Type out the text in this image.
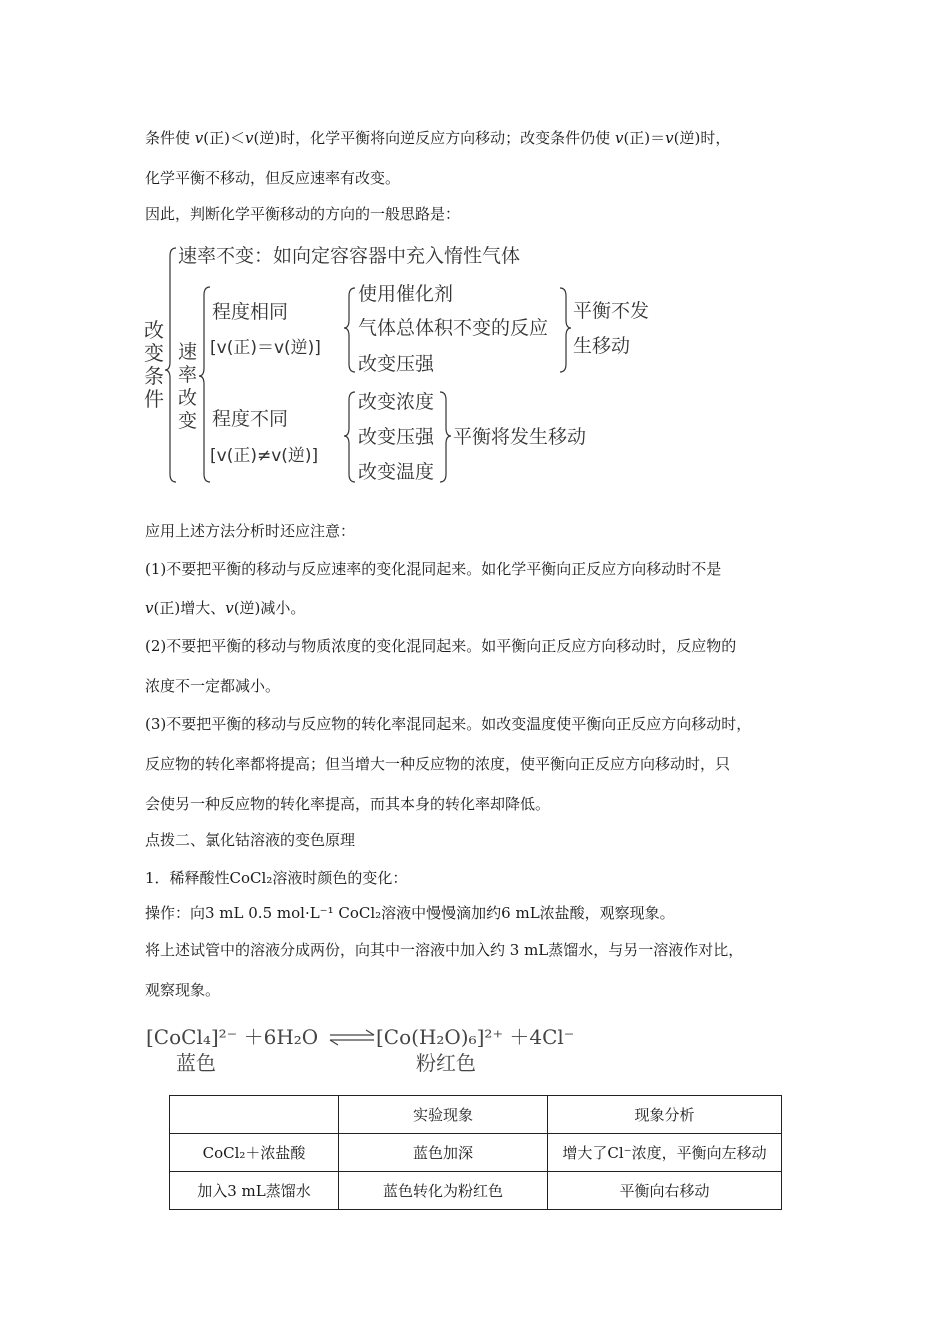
条件使 v(正)＜v(逆)时，化学平衡将向逆反应方向移动；改变条件仍使 v(正)＝v(逆)时，
化学平衡不移动，但反应速率有改变。
因此，判断化学平衡移动的方向的一般思路是：
改
变
条
件
速率不变：如向定容容器中充入惰性气体
速
率
改
变
程度相同
[v(正)＝v(逆)]
使用催化剂
气体总体积不变的反应
改变压强
平衡不发
生移动
程度不同
[v(正)≠v(逆)]
改变浓度
改变压强
改变温度
平衡将发生移动
[CoCl₄]²⁻ ＋6H₂O	[Co(H₂O)₆]²⁺ ＋4Cl⁻
蓝色	粉红色
应用上述方法分析时还应注意：
(1)不要把平衡的移动与反应速率的变化混同起来。如化学平衡向正反应方向移动时不是
v(正)增大、v(逆)减小。
(2)不要把平衡的移动与物质浓度的变化混同起来。如平衡向正反应方向移动时，反应物的
浓度不一定都减小。
(3)不要把平衡的移动与反应物的转化率混同起来。如改变温度使平衡向正反应方向移动时，
反应物的转化率都将提高；但当增大一种反应物的浓度，使平衡向正反应方向移动时，只
会使另一种反应物的转化率提高，而其本身的转化率却降低。
点拨二、氯化钴溶液的变色原理
1．稀释酸性CoCl₂溶液时颜色的变化：
操作：向3 mL 0.5 mol·L⁻¹ CoCl₂溶液中慢慢滴加约6 mL浓盐酸，观察现象。
将上述试管中的溶液分成两份，向其中一溶液中加入约 3 mL蒸馏水，与另一溶液作对比，
观察现象。
	实验现象	现象分析
CoCl₂＋浓盐酸	蓝色加深	增大了Cl⁻浓度，平衡向左移动
加入3 mL蒸馏水	蓝色转化为粉红色	平衡向右移动
